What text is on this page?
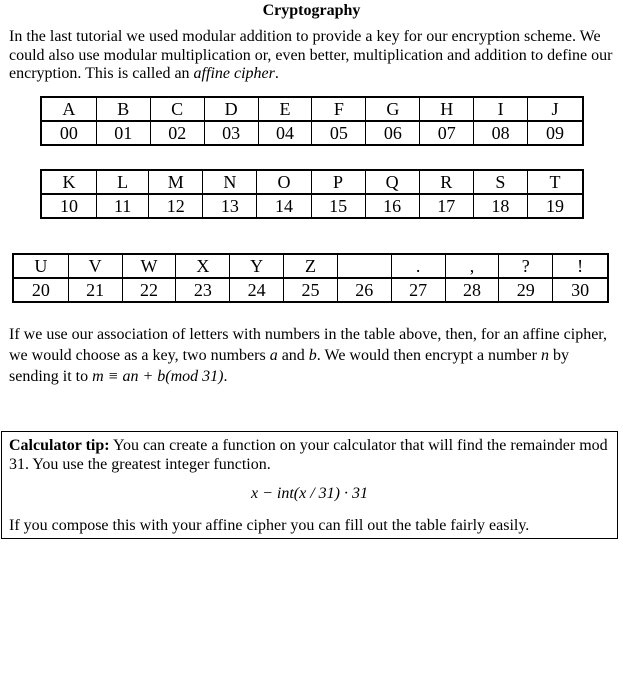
Cryptography
In the last tutorial we used modular addition to provide a key for our encryption scheme. We could also use modular multiplication or, even better, multiplication and addition to define our encryption. This is called an affine cipher.
A	B	C	D	E	F	G	H	I	J
00	01	02	03	04	05	06	07	08	09
K	L	M	N	O	P	Q	R	S	T
10	11	12	13	14	15	16	17	18	19
U	V	W	X	Y	Z		.	,	?	!
20	21	22	23	24	25	26	27	28	29	30
If we use our association of letters with numbers in the table above, then, for an affine cipher, we would choose as a key, two numbers a and b. We would then encrypt a number n by sending it to m ≡ an + b(mod 31).
Calculator tip: You can create a function on your calculator that will find the remainder mod 31. You use the greatest integer function.
x − int(x / 31) · 31
If you compose this with your affine cipher you can fill out the table fairly easily.
